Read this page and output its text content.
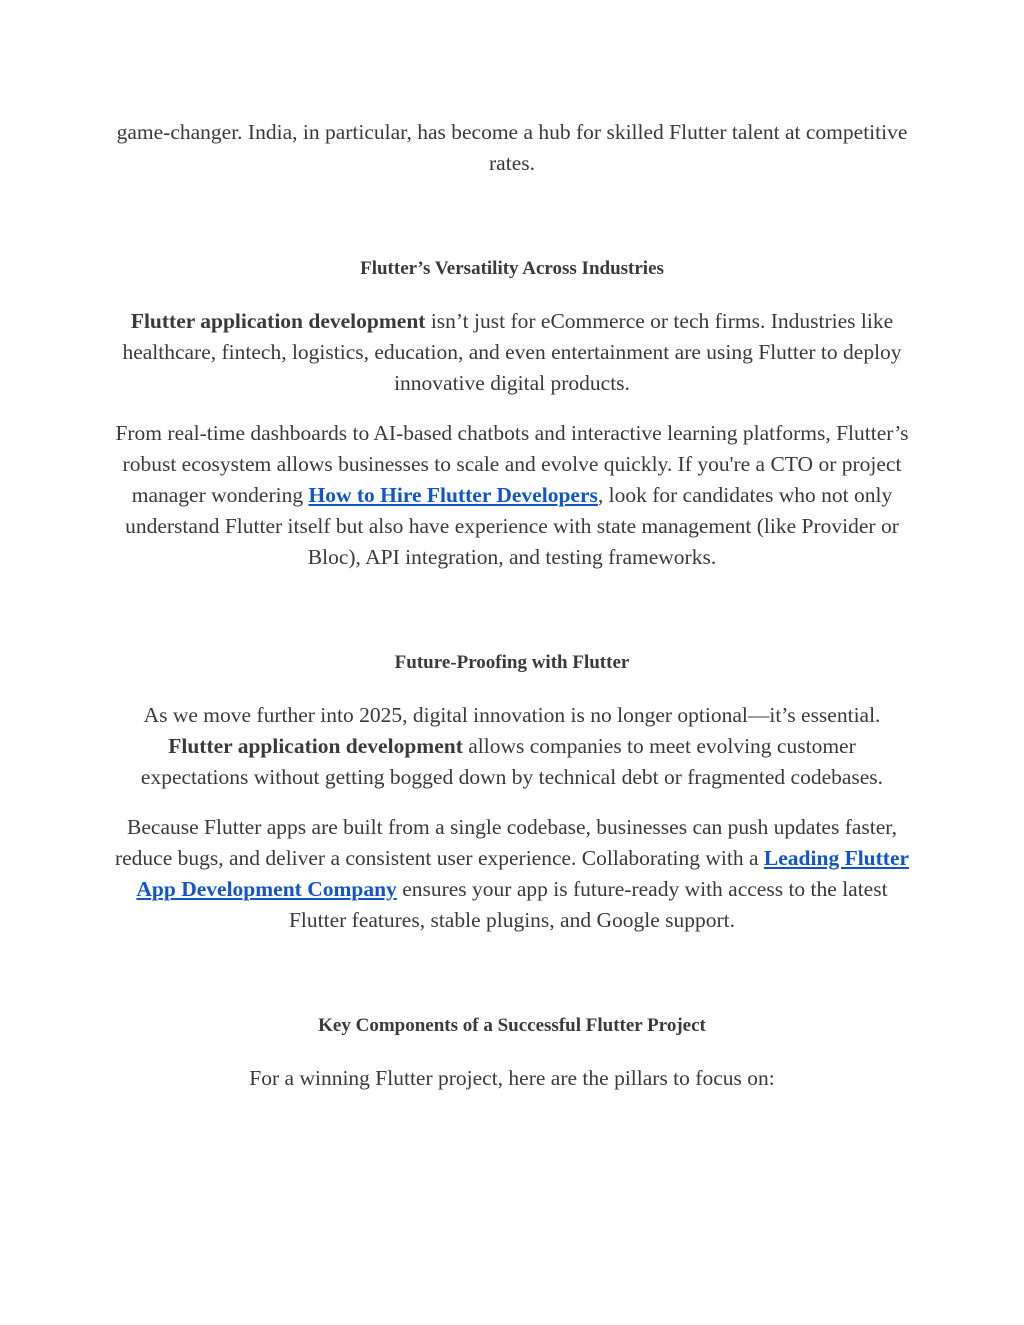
game-changer. India, in particular, has become a hub for skilled Flutter talent at competitive rates.

Flutter’s Versatility Across Industries

Flutter application development isn’t just for eCommerce or tech firms. Industries like healthcare, fintech, logistics, education, and even entertainment are using Flutter to deploy innovative digital products.

From real-time dashboards to AI-based chatbots and interactive learning platforms, Flutter’s robust ecosystem allows businesses to scale and evolve quickly. If you're a CTO or project manager wondering How to Hire Flutter Developers, look for candidates who not only understand Flutter itself but also have experience with state management (like Provider or Bloc), API integration, and testing frameworks.

Future-Proofing with Flutter

As we move further into 2025, digital innovation is no longer optional—it’s essential. Flutter application development allows companies to meet evolving customer expectations without getting bogged down by technical debt or fragmented codebases.

Because Flutter apps are built from a single codebase, businesses can push updates faster, reduce bugs, and deliver a consistent user experience. Collaborating with a Leading Flutter App Development Company ensures your app is future-ready with access to the latest Flutter features, stable plugins, and Google support.

Key Components of a Successful Flutter Project

For a winning Flutter project, here are the pillars to focus on:
